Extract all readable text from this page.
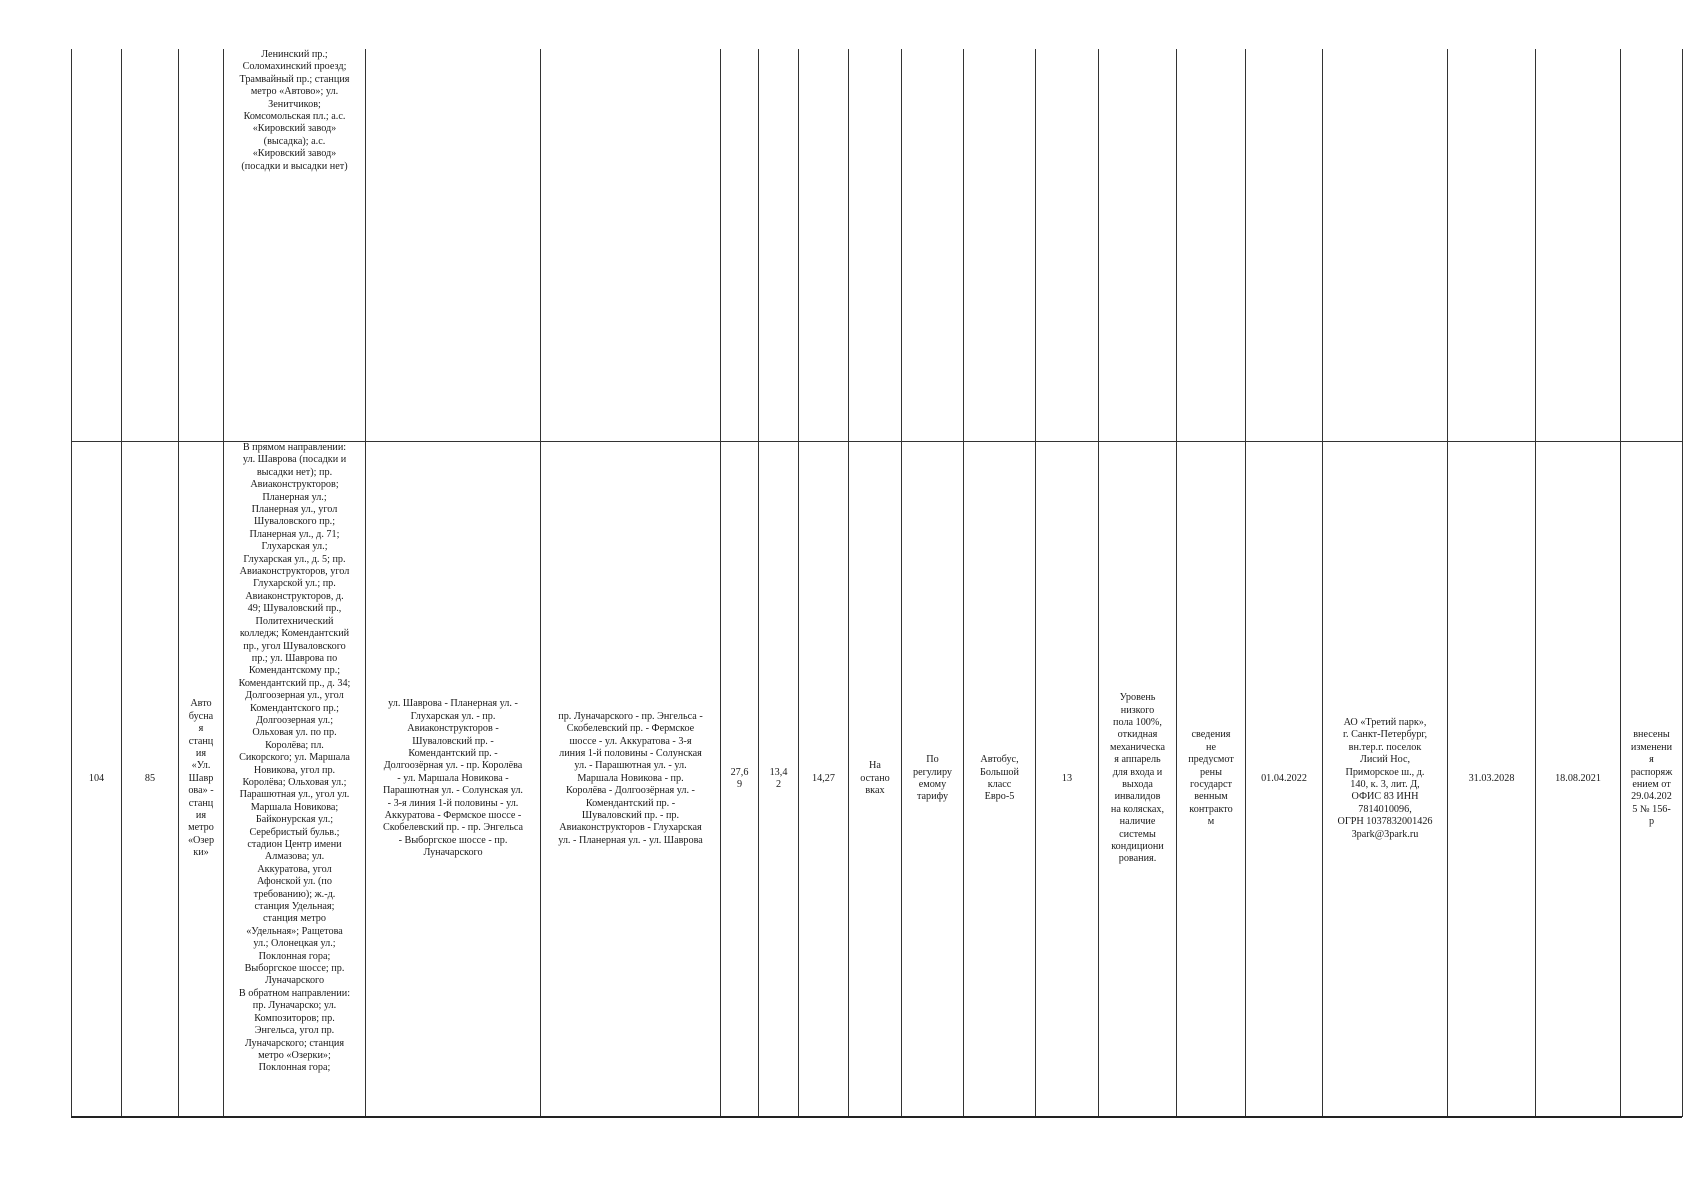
Ленинский пр.;
Соломахинский проезд;
Трамвайный пр.; станция
метро «Автово»; ул.
Зенитчиков;
Комсомольская пл.; а.с.
«Кировский завод»
(высадка); а.с.
«Кировский завод»
(посадки и высадки нет)
104	85
Авто
бусна
я
станц
ия
«Ул.
Шавр
ова» -
станц
ия
метро
«Озер
ки»
В прямом направлении:
ул. Шаврова (посадки и
высадки нет); пр.
Авиаконструкторов;
Планерная ул.;
Планерная ул., угол
Шуваловского пр.;
Планерная ул., д. 71;
Глухарская ул.;
Глухарская ул., д. 5; пр.
Авиаконструкторов, угол
Глухарской ул.; пр.
Авиаконструкторов, д.
49; Шуваловский пр.,
Политехнический
колледж; Комендантский
пр., угол Шуваловского
пр.; ул. Шаврова по
Комендантскому пр.;
Комендантский пр., д. 34;
Долгоозерная ул., угол
Комендантского пр.;
Долгоозерная ул.;
Ольховая ул. по пр.
Королёва; пл.
Сикорского; ул. Маршала
Новикова, угол пр.
Королёва; Ольховая ул.;
Парашютная ул., угол ул.
Маршала Новикова;
Байконурская ул.;
Серебристый бульв.;
стадион Центр имени
Алмазова; ул.
Аккуратова, угол
Афонской ул. (по
требованию); ж.-д.
станция Удельная;
станция метро
«Удельная»; Ращетова
ул.; Олонецкая ул.;
Поклонная гора;
Выборгское шоссе; пр.
Луначарского
В обратном направлении:
пр. Луначарско; ул.
Композиторов; пр.
Энгельса, угол пр.
Луначарского; станция
метро «Озерки»;
Поклонная гора;
ул. Шаврова - Планерная ул. -
Глухарская ул. - пр.
Авиаконструкторов -
Шуваловский пр. -
Комендантский пр. -
Долгоозёрная ул. - пр. Королёва
- ул. Маршала Новикова -
Парашютная ул. - Солунская ул.
- 3-я линия 1-й половины - ул.
Аккуратова - Фермское шоссе -
Скобелевский пр. - пр. Энгельса
- Выборгское шоссе - пр.
Луначарского
пр. Луначарского - пр. Энгельса -
Скобелевский пр. - Фермское
шоссе - ул. Аккуратова - 3-я
линия 1-й половины - Солунская
ул. - Парашютная ул. - ул.
Маршала Новикова - пр.
Королёва - Долгоозёрная ул. -
Комендантский пр. -
Шуваловский пр. - пр.
Авиаконструкторов - Глухарская
ул. - Планерная ул. - ул. Шаврова
27,6
9
13,4
2
14,27
На
остано
вках
По
регулиру
емому
тарифу
Автобус,
Большой
класс
Евро-5
13
Уровень
низкого
пола 100%,
откидная
механическа
я аппарель
для входа и
выхода
инвалидов
на колясках,
наличие
системы
кондициони
рования.
сведения
не
предусмот
рены
государст
венным
контракто
м
01.04.2022
АО «Третий парк»,
г. Санкт-Петербург,
вн.тер.г. поселок
Лисий Нос,
Приморское ш., д.
140, к. 3, лит. Д,
ОФИС 83 ИНН
7814010096,
ОГРН 1037832001426
3park@3park.ru
31.03.2028	18.08.2021
внесены
изменени
я
распоряж
ением от
29.04.202
5 № 156-
р
